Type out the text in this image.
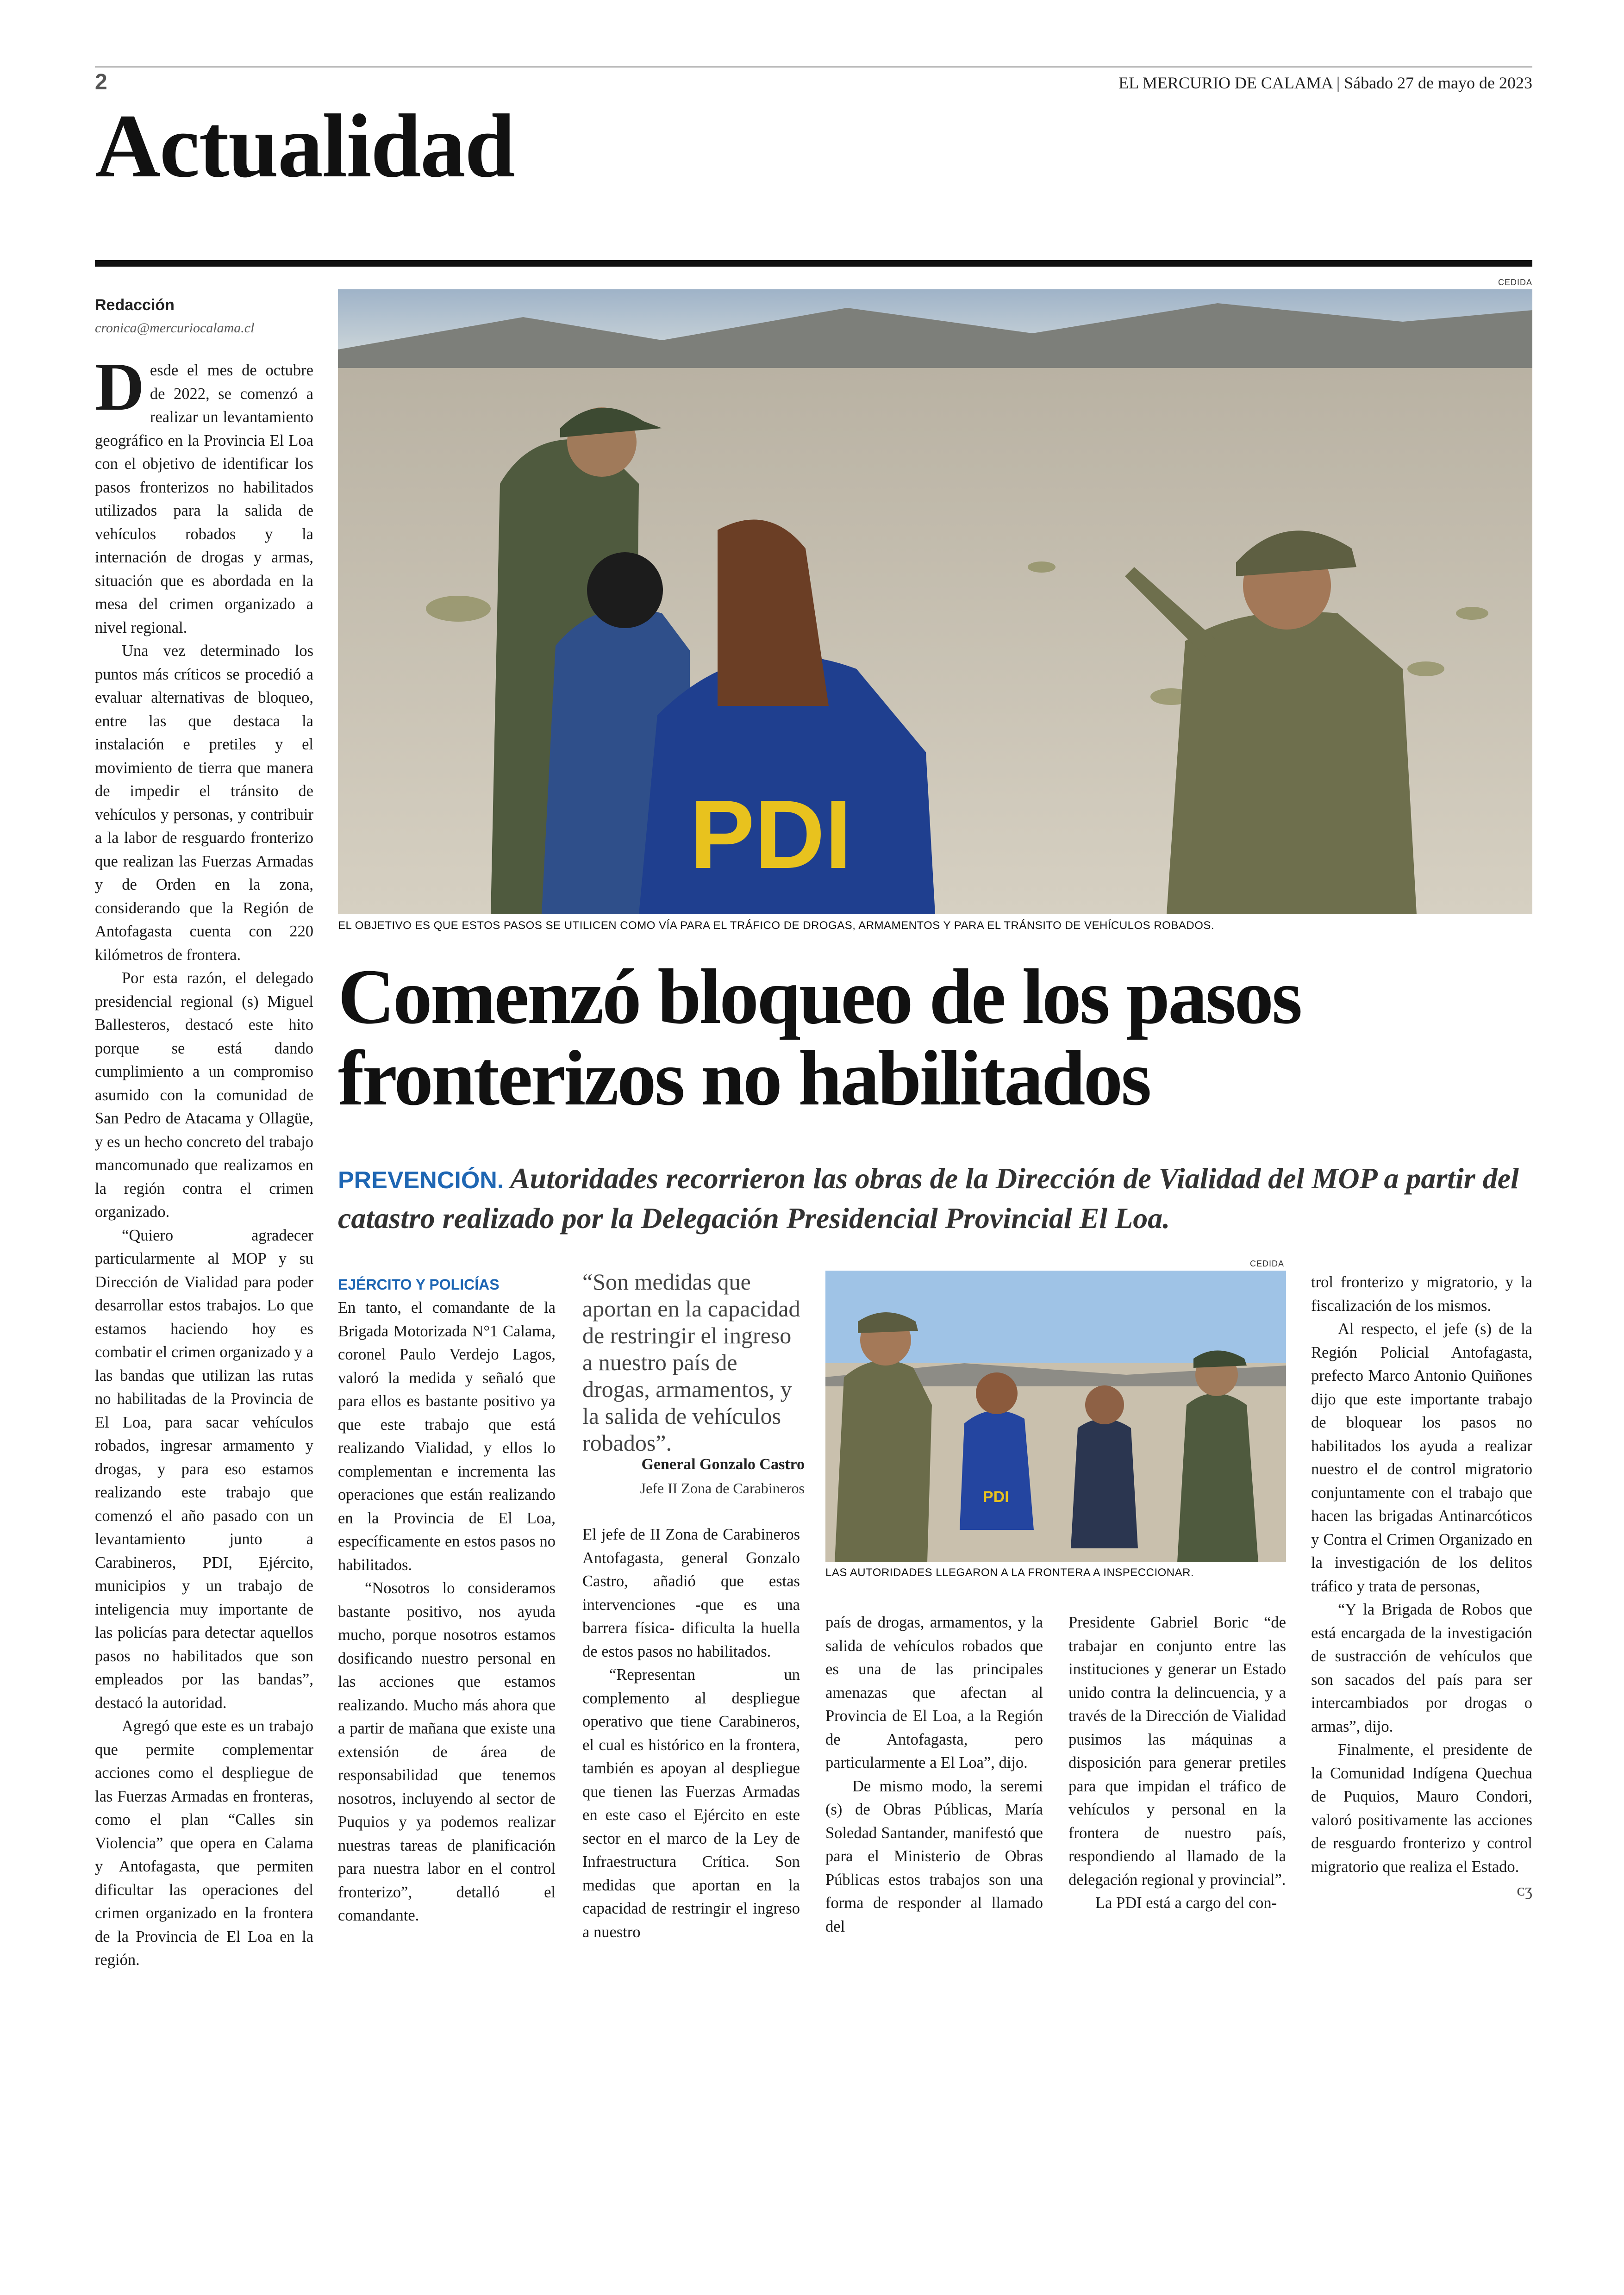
2	EL MERCURIO DE CALAMA | Sábado 27 de mayo de 2023
Actualidad
Redacción
cronica@mercuriocalama.cl

Desde el mes de octubre de 2022, se comenzó a realizar un levantamiento geográfico en la Provincia El Loa con el objetivo de identificar los pasos fronterizos no habilitados utilizados para la salida de vehículos robados y la internación de drogas y armas, situación que es abordada en la mesa del crimen organizado a nivel regional.

Una vez determinado los puntos más críticos se procedió a evaluar alternativas de bloqueo, entre las que destaca la instalación e pretiles y el movimiento de tierra que manera de impedir el tránsito de vehículos y personas, y contribuir a la labor de resguardo fronterizo que realizan las Fuerzas Armadas y de Orden en la zona, considerando que la Región de Antofagasta cuenta con 220 kilómetros de frontera.

Por esta razón, el delegado presidencial regional (s) Miguel Ballesteros, destacó este hito porque se está dando cumplimiento a un compromiso asumido con la comunidad de San Pedro de Atacama y Ollagüe, y es un hecho concreto del trabajo mancomunado que realizamos en la región contra el crimen organizado.

“Quiero agradecer particularmente al MOP y su Dirección de Vialidad para poder desarrollar estos trabajos. Lo que estamos haciendo hoy es combatir el crimen organizado y a las bandas que utilizan las rutas no habilitadas de la Provincia de El Loa, para sacar vehículos robados, ingresar armamento y drogas, y para eso estamos realizando este trabajo que comenzó el año pasado con un levantamiento junto a Carabineros, PDI, Ejército, municipios y un trabajo de inteligencia muy importante de las policías para detectar aquellos pasos no habilitados que son empleados por las bandas”, destacó la autoridad.

Agregó que este es un trabajo que permite complementar acciones como el despliegue de las Fuerzas Armadas en fronteras, como el plan “Calles sin Violencia” que opera en Calama y Antofagasta, que permiten dificultar las operaciones del crimen organizado en la frontera de la Provincia de El Loa en la región.

CEDIDA
PDI
EL OBJETIVO ES QUE ESTOS PASOS SE UTILICEN COMO VÍA PARA EL TRÁFICO DE DROGAS, ARMAMENTOS Y PARA EL TRÁNSITO DE VEHÍCULOS ROBADOS.
Comenzó bloqueo de los pasos
fronterizos no habilitados
PREVENCIÓN. Autoridades recorrieron las obras de la Dirección de Vialidad del MOP a partir del catastro realizado por la Delegación Presidencial Provincial El Loa.
EJÉRCITO Y POLICÍAS

En tanto, el comandante de la Brigada Motorizada N°1 Calama, coronel Paulo Verdejo Lagos, valoró la medida y señaló que para ellos es bastante positivo ya que este trabajo que está realizando Vialidad, y ellos lo complementan e incrementa las operaciones que están realizando en la Provincia de El Loa, específicamente en estos pasos no habilitados.

“Nosotros lo consideramos bastante positivo, nos ayuda mucho, porque nosotros estamos dosificando nuestro personal en las acciones que estamos realizando. Mucho más ahora que a partir de mañana que existe una extensión de área de responsabilidad que tenemos nosotros, incluyendo al sector de Puquios y ya podemos realizar nuestras tareas de planificación para nuestra labor en el control fronterizo”, detalló el comandante.

“Son medidas que aportan en la capacidad de restringir el ingreso a nuestro país de drogas, armamentos, y la salida de vehículos robados”.
General Gonzalo Castro
Jefe II Zona de Carabineros

El jefe de II Zona de Carabineros Antofagasta, general Gonzalo Castro, añadió que estas intervenciones -que es una barrera física- dificulta la huella de estos pasos no habilitados.

“Representan un complemento al despliegue operativo que tiene Carabineros, el cual es histórico en la frontera, también es apoyan al despliegue que tienen las Fuerzas Armadas en este caso el Ejército en este sector en el marco de la Ley de Infraestructura Crítica. Son medidas que aportan en la capacidad de restringir el ingreso a nuestro

CEDIDA
PDI
LAS AUTORIDADES LLEGARON A LA FRONTERA A INSPECCIONAR.

país de drogas, armamentos, y la salida de vehículos robados que es una de las principales amenazas que afectan al Provincia de El Loa, a la Región de Antofagasta, pero particularmente a El Loa”, dijo.

De mismo modo, la seremi (s) de Obras Públicas, María Soledad Santander, manifestó que para el Ministerio de Obras Públicas estos trabajos son una forma de responder al llamado del

Presidente Gabriel Boric “de trabajar en conjunto entre las instituciones y generar un Estado unido contra la delincuencia, y a través de la Dirección de Vialidad pusimos las máquinas a disposición para generar pretiles para que impidan el tráfico de vehículos y personal en la frontera de nuestro país, respondiendo al llamado de la delegación regional y provincial”.

La PDI está a cargo del con-

trol fronterizo y migratorio, y la fiscalización de los mismos.

Al respecto, el jefe (s) de la Región Policial Antofagasta, prefecto Marco Antonio Quiñones dijo que este importante trabajo de bloquear los pasos no habilitados los ayuda a realizar nuestro el de control migratorio conjuntamente con el trabajo que hacen las brigadas Antinarcóticos y Contra el Crimen Organizado en la investigación de los delitos tráfico y trata de personas,

“Y la Brigada de Robos que está encargada de la investigación de sustracción de vehículos que son sacados del país para ser intercambiados por drogas o armas”, dijo.

Finalmente, el presidente de la Comunidad Indígena Quechua de Puquios, Mauro Condori, valoró positivamente las acciones de resguardo fronterizo y control migratorio que realiza el Estado.

ᴄʒ
